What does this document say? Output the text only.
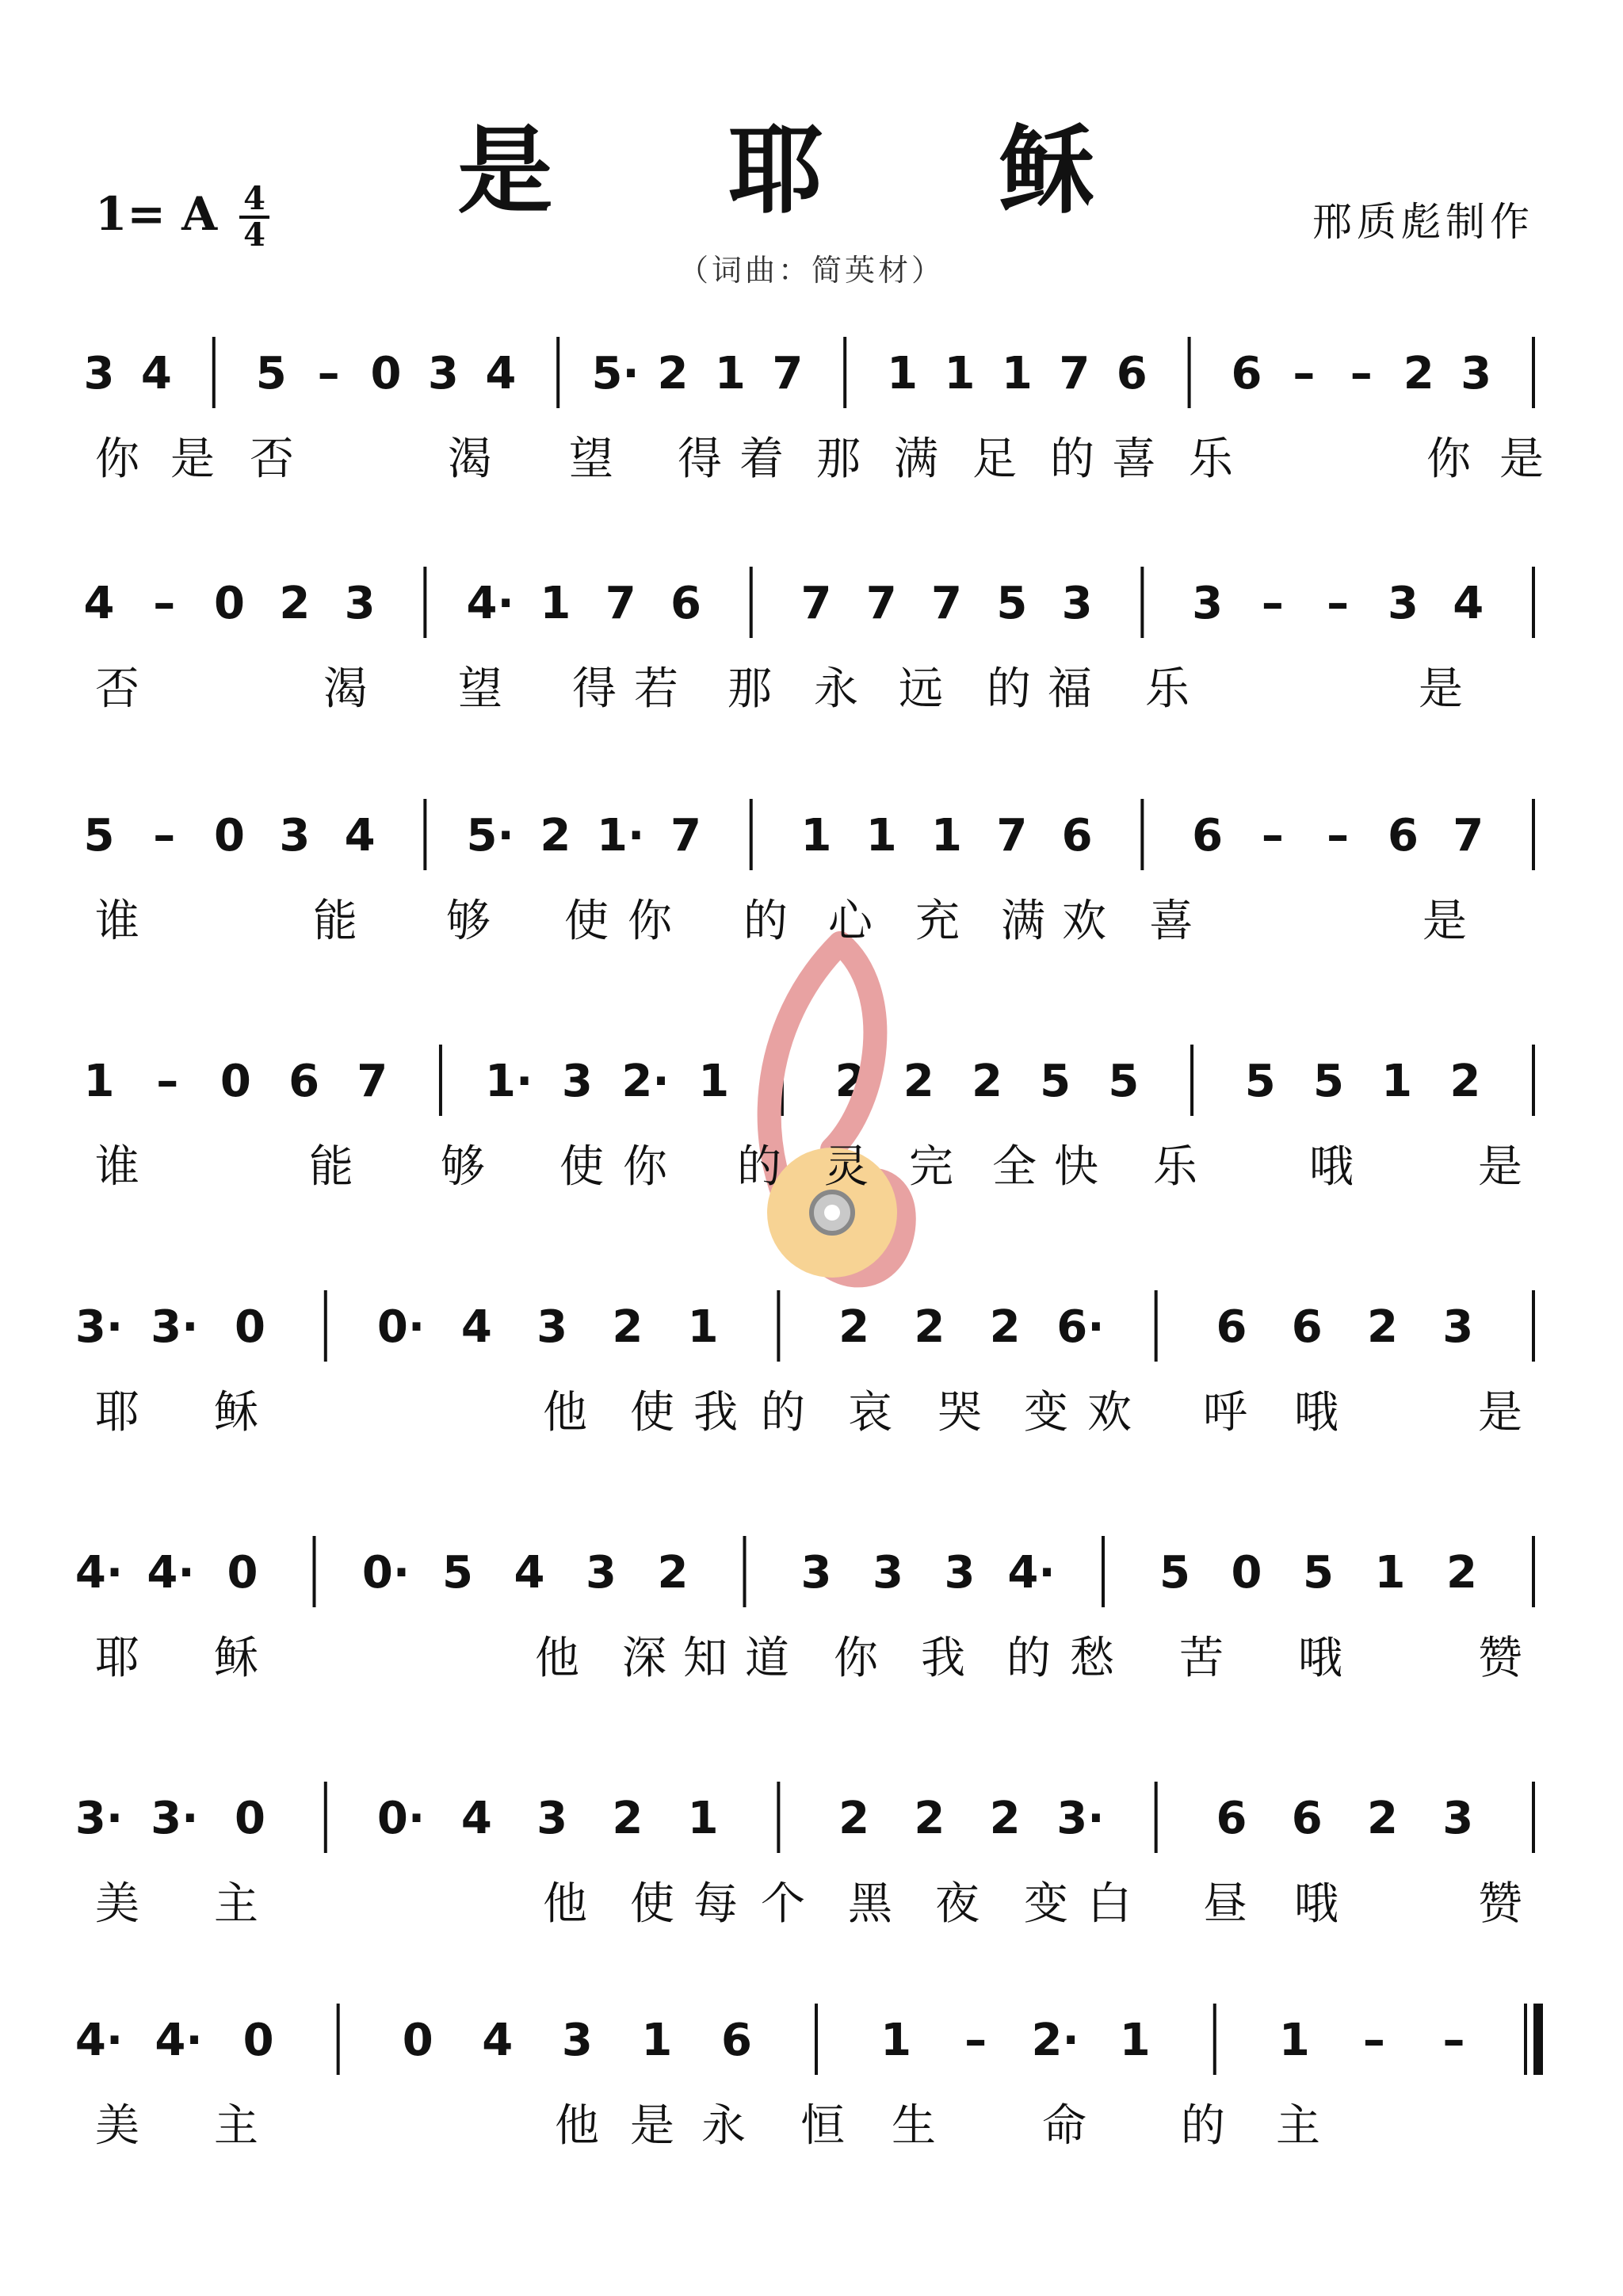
3 4 5 – 0 3 4 5· 2 1 7 1 1 1 7 6 6 – – 2 3
4 – 0 2 3 4· 1 7 6 7 7 7 5 3 3 – – 3 4
5 – 0 3 4 5· 2 1· 7 1 1 1 7 6 6 – – 6 7
1 – 0 6 7 1· 3 2· 1 2 2 2 5 5 5 5 1 2
3· 3· 0	0· 4 3 2 1	2 2 2 6·	6 6 2 3
4· 4· 0 0· 5 4 3 2	3 3 3 4· 5 0 5 1 2
3· 3· 0	0· 4 3 2 1	2 2 2 3·	6 6 2 3
4· 4· 0	0 4 3 1 6	1 – 2· 1	1 – –
是 耶 稣
1= A 4
4	邢质彪制作
（词曲：简英材）
你 是 否	渴 望 得 着 那 满 足 的 喜 乐	你 是
否	渴 望 得 若 那 永 远 的 福 乐	是
谁	能 够 使 你 的 心 充 满 欢 喜	是
谁	能 够 使 你 的 灵 完 全 快 乐	哦	是
耶 稣	他 使 我 的 哀 哭 变 欢 呼 哦	是
耶 稣	他 深 知 道 你 我 的 愁 苦 哦	赞
美 主	他 使 每 个 黑 夜 变 白 昼 哦	赞
美 主	他 是 永 恒 生 命 的 主
